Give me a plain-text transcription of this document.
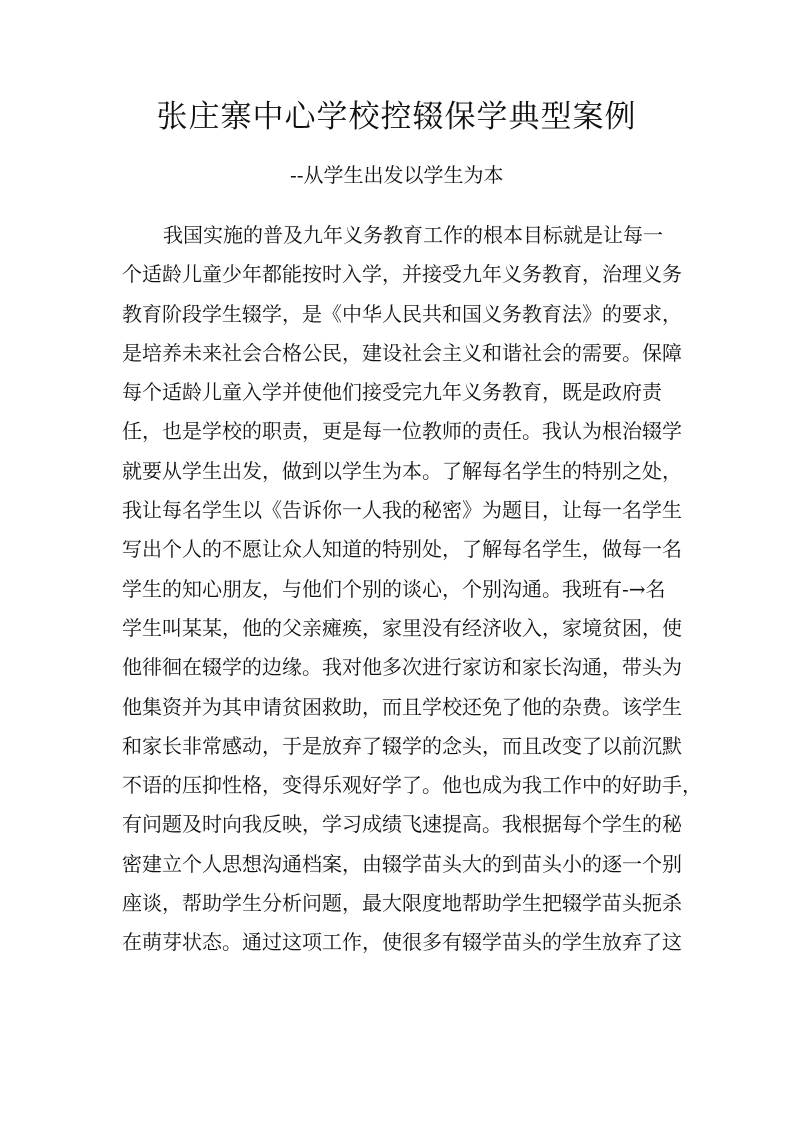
张庄寨中心学校控辍保学典型案例
--从学生出发以学生为本
我国实施的普及九年义务教育工作的根本目标就是让每一
个适龄儿童少年都能按时入学，并接受九年义务教育，治理义务
教育阶段学生辍学，是《中华人民共和国义务教育法》的要求，
是培养未来社会合格公民，建设社会主义和谐社会的需要。保障
每个适龄儿童入学并使他们接受完九年义务教育，既是政府责
任，也是学校的职责，更是每一位教师的责任。我认为根治辍学
就要从学生出发，做到以学生为本。了解每名学生的特别之处，
我让每名学生以《告诉你一人我的秘密》为题目，让每一名学生
写出个人的不愿让众人知道的特别处，了解每名学生，做每一名
学生的知心朋友，与他们个别的谈心，个别沟通。我班有-→名
学生叫某某，他的父亲瘫痪，家里没有经济收入，家境贫困，使
他徘徊在辍学的边缘。我对他多次进行家访和家长沟通，带头为
他集资并为其申请贫困救助，而且学校还免了他的杂费。该学生
和家长非常感动，于是放弃了辍学的念头，而且改变了以前沉默
不语的压抑性格，变得乐观好学了。他也成为我工作中的好助手，
有问题及时向我反映，学习成绩飞速提高。我根据每个学生的秘
密建立个人思想沟通档案，由辍学苗头大的到苗头小的逐一个别
座谈，帮助学生分析问题，最大限度地帮助学生把辍学苗头扼杀
在萌芽状态。通过这项工作，使很多有辍学苗头的学生放弃了这
